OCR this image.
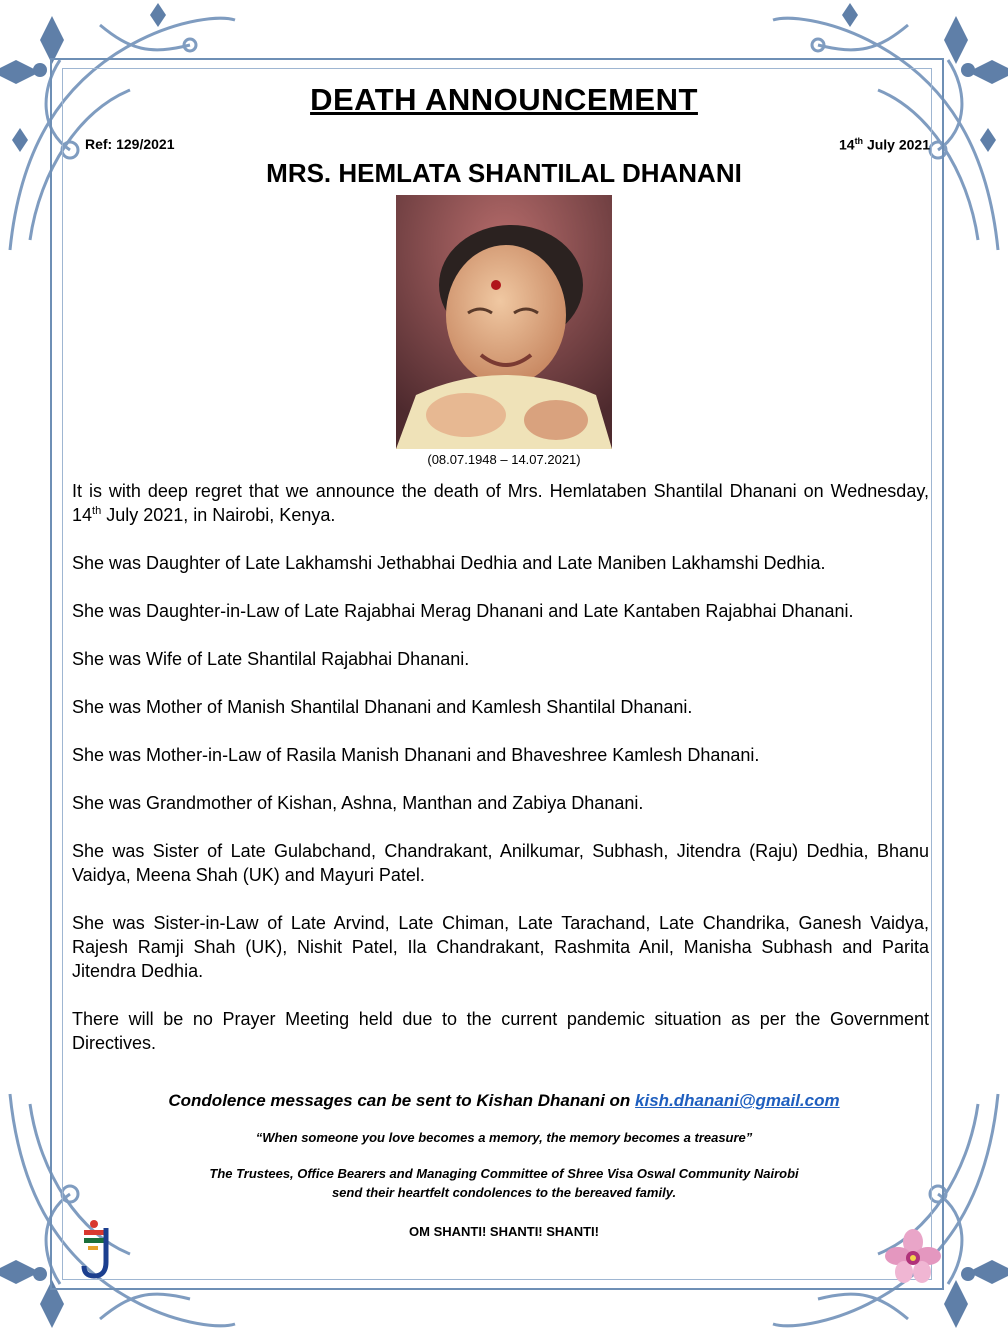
DEATH ANNOUNCEMENT
Ref: 129/2021	14th July 2021
MRS. HEMLATA SHANTILAL DHANANI
(08.07.1948 – 14.07.2021)

It is with deep regret that we announce the death of Mrs. Hemlataben Shantilal Dhanani on Wednesday, 14th July 2021, in Nairobi, Kenya.

She was Daughter of Late Lakhamshi Jethabhai Dedhia and Late Maniben Lakhamshi Dedhia.

She was Daughter-in-Law of Late Rajabhai Merag Dhanani and Late Kantaben Rajabhai Dhanani.

She was Wife of Late Shantilal Rajabhai Dhanani.

She was Mother of Manish Shantilal Dhanani and Kamlesh Shantilal Dhanani.

She was Mother-in-Law of Rasila Manish Dhanani and Bhaveshree Kamlesh Dhanani.

She was Grandmother of Kishan, Ashna, Manthan and Zabiya Dhanani.

She was Sister of Late Gulabchand, Chandrakant, Anilkumar, Subhash, Jitendra (Raju) Dedhia, Bhanu Vaidya, Meena Shah (UK) and Mayuri Patel.

She was Sister-in-Law of Late Arvind, Late Chiman, Late Tarachand, Late Chandrika, Ganesh Vaidya, Rajesh Ramji Shah (UK), Nishit Patel, Ila Chandrakant, Rashmita Anil, Manisha Subhash and Parita Jitendra Dedhia.

There will be no Prayer Meeting held due to the current pandemic situation as per the Government Directives.

Condolence messages can be sent to Kishan Dhanani on kish.dhanani@gmail.com
“When someone you love becomes a memory, the memory becomes a treasure”
The Trustees, Office Bearers and Managing Committee of Shree Visa Oswal Community Nairobi
send their heartfelt condolences to the bereaved family.
OM SHANTI! SHANTI! SHANTI!
